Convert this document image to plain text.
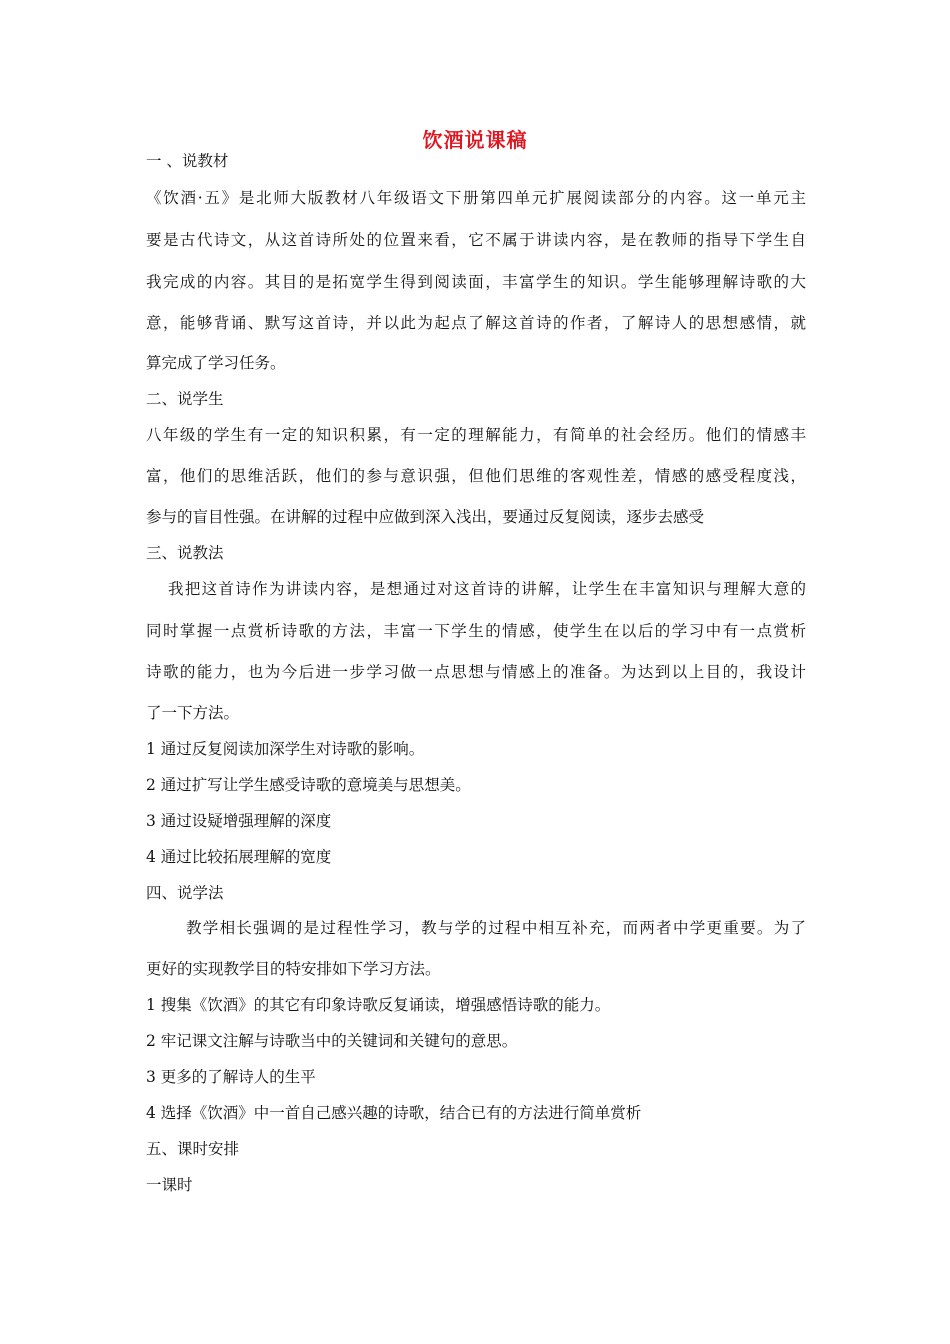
饮酒说课稿
一 、说教材
《饮酒·五》是北师大版教材八年级语文下册第四单元扩展阅读部分的内容。这一单元主
要是古代诗文，从这首诗所处的位置来看，它不属于讲读内容，是在教师的指导下学生自
我完成的内容。其目的是拓宽学生得到阅读面，丰富学生的知识。学生能够理解诗歌的大
意，能够背诵、默写这首诗，并以此为起点了解这首诗的作者，了解诗人的思想感情，就
算完成了学习任务。
二、说学生
八年级的学生有一定的知识积累，有一定的理解能力，有简单的社会经历。他们的情感丰
富，他们的思维活跃，他们的参与意识强，但他们思维的客观性差，情感的感受程度浅，
参与的盲目性强。在讲解的过程中应做到深入浅出，要通过反复阅读，逐步去感受
三、说教法
我把这首诗作为讲读内容，是想通过对这首诗的讲解，让学生在丰富知识与理解大意的
同时掌握一点赏析诗歌的方法，丰富一下学生的情感，使学生在以后的学习中有一点赏析
诗歌的能力，也为今后进一步学习做一点思想与情感上的准备。为达到以上目的，我设计
了一下方法。
1 通过反复阅读加深学生对诗歌的影响。
2 通过扩写让学生感受诗歌的意境美与思想美。
3 通过设疑增强理解的深度
4 通过比较拓展理解的宽度
四、说学法
教学相长强调的是过程性学习，教与学的过程中相互补充，而两者中学更重要。为了
更好的实现教学目的特安排如下学习方法。
1 搜集《饮酒》的其它有印象诗歌反复诵读，增强感悟诗歌的能力。
2 牢记课文注解与诗歌当中的关键词和关键句的意思。
3 更多的了解诗人的生平
4 选择《饮酒》中一首自己感兴趣的诗歌，结合已有的方法进行简单赏析
五、课时安排
一课时
